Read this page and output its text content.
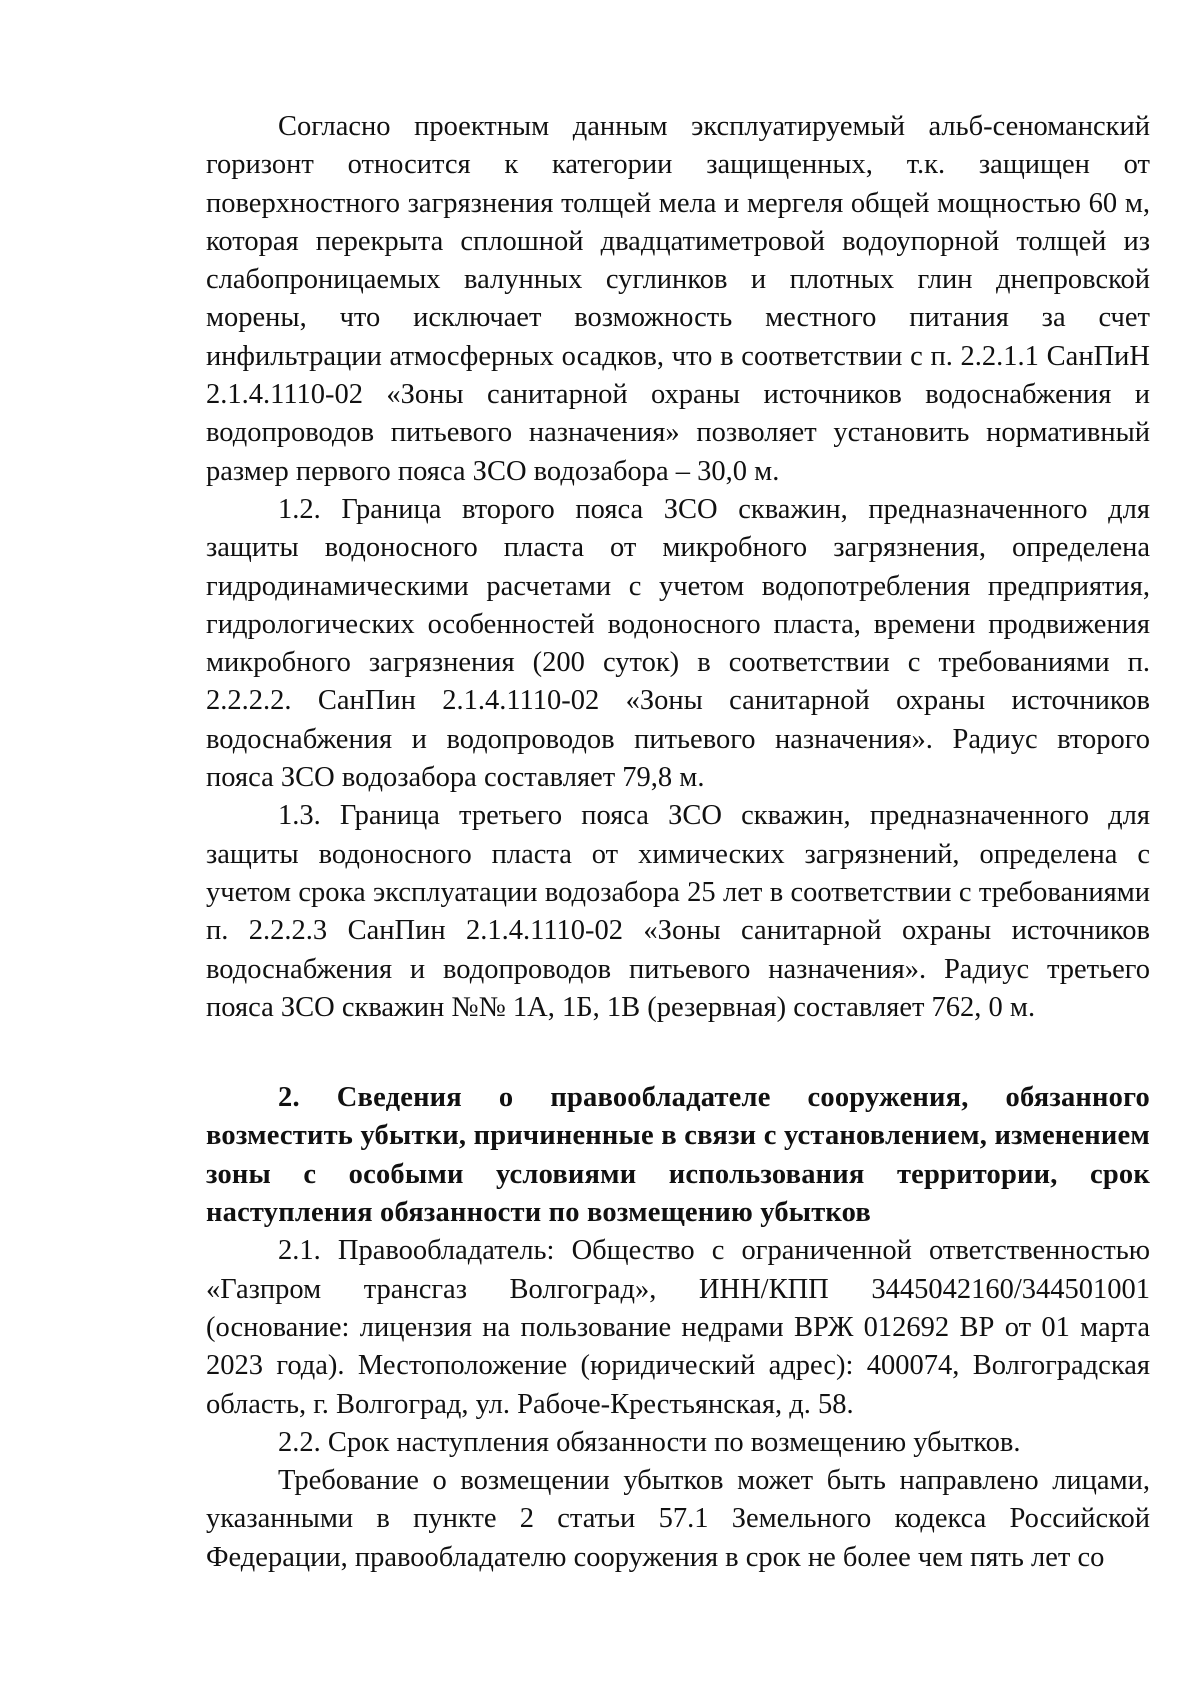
Согласно проектным данным эксплуатируемый альб-сеноманский горизонт относится к категории защищенных, т.к. защищен от поверхностного загрязнения толщей мела и мергеля общей мощностью 60 м, которая перекрыта сплошной двадцатиметровой водоупорной толщей из слабопроницаемых валунных суглинков и плотных глин днепровской морены, что исключает возможность местного питания за счет инфильтрации атмосферных осадков, что в соответствии с п. 2.2.1.1 СанПиН 2.1.4.1110-02 «Зоны санитарной охраны источников водоснабжения и водопроводов питьевого назначения» позволяет установить нормативный размер первого пояса ЗСО водозабора – 30,0 м.

1.2. Граница второго пояса ЗСО скважин, предназначенного для защиты водоносного пласта от микробного загрязнения, определена гидродинамическими расчетами с учетом водопотребления предприятия, гидрологических особенностей водоносного пласта, времени продвижения микробного загрязнения (200 суток) в соответствии с требованиями п. 2.2.2.2. СанПин 2.1.4.1110-02 «Зоны санитарной охраны источников водоснабжения и водопроводов питьевого назначения». Радиус второго пояса ЗСО водозабора составляет 79,8 м.

1.3. Граница третьего пояса ЗСО скважин, предназначенного для защиты водоносного пласта от химических загрязнений, определена с учетом срока эксплуатации водозабора 25 лет в соответствии с требованиями п. 2.2.2.3 СанПин 2.1.4.1110-02 «Зоны санитарной охраны источников водоснабжения и водопроводов питьевого назначения». Радиус третьего пояса ЗСО скважин №№ 1А, 1Б, 1В (резервная) составляет 762, 0 м.

2. Сведения о правообладателе сооружения, обязанного возместить убытки, причиненные в связи с установлением, изменением зоны с особыми условиями использования территории, срок наступления обязанности по возмещению убытков

2.1. Правообладатель: Общество с ограниченной ответственностью «Газпром трансгаз Волгоград», ИНН/КПП 3445042160/344501001 (основание: лицензия на пользование недрами ВРЖ 012692 ВР от 01 марта 2023 года). Местоположение (юридический адрес): 400074, Волгоградская область, г. Волгоград, ул. Рабоче-Крестьянская, д. 58.

2.2. Срок наступления обязанности по возмещению убытков.

Требование о возмещении убытков может быть направлено лицами, указанными в пункте 2 статьи 57.1 Земельного кодекса Российской Федерации, правообладателю сооружения в срок не более чем пять лет со
